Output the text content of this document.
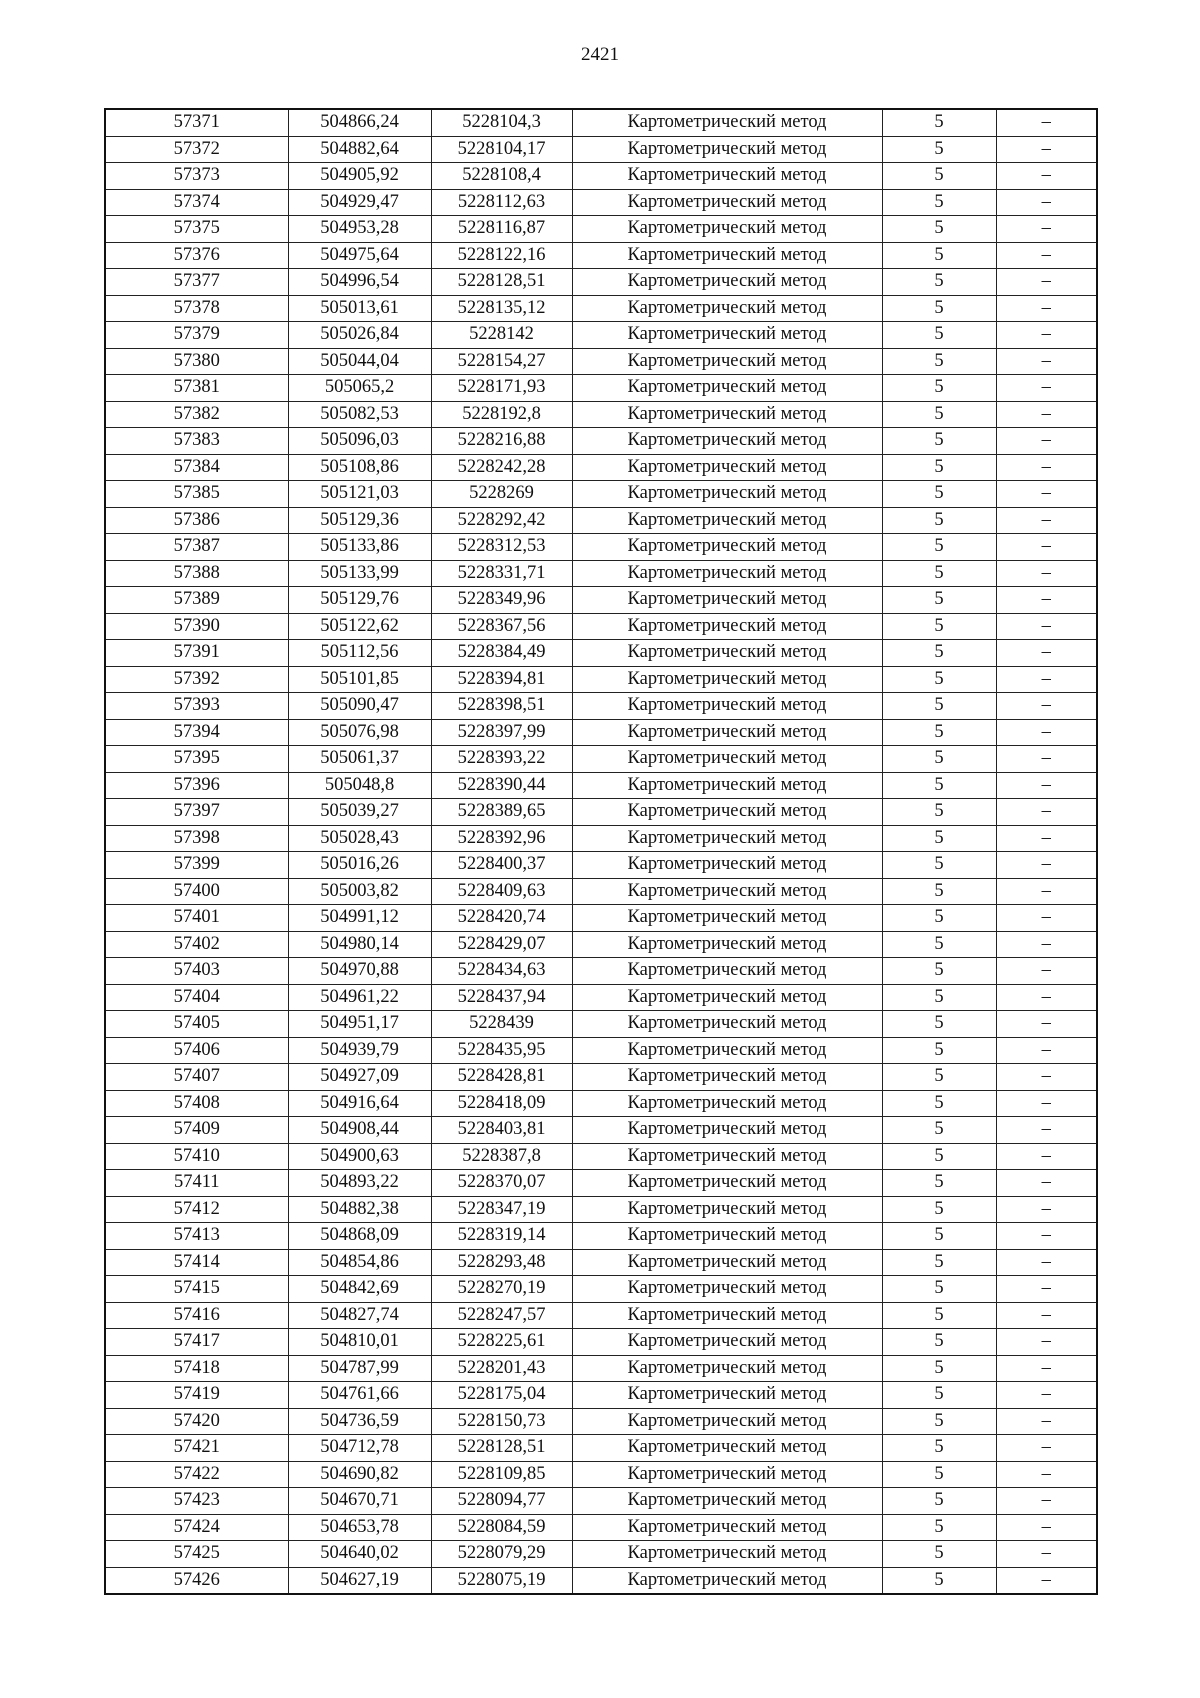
2421
57371	504866,24	5228104,3	Картометрический метод	5	–
57372	504882,64	5228104,17	Картометрический метод	5	–
57373	504905,92	5228108,4	Картометрический метод	5	–
57374	504929,47	5228112,63	Картометрический метод	5	–
57375	504953,28	5228116,87	Картометрический метод	5	–
57376	504975,64	5228122,16	Картометрический метод	5	–
57377	504996,54	5228128,51	Картометрический метод	5	–
57378	505013,61	5228135,12	Картометрический метод	5	–
57379	505026,84	5228142	Картометрический метод	5	–
57380	505044,04	5228154,27	Картометрический метод	5	–
57381	505065,2	5228171,93	Картометрический метод	5	–
57382	505082,53	5228192,8	Картометрический метод	5	–
57383	505096,03	5228216,88	Картометрический метод	5	–
57384	505108,86	5228242,28	Картометрический метод	5	–
57385	505121,03	5228269	Картометрический метод	5	–
57386	505129,36	5228292,42	Картометрический метод	5	–
57387	505133,86	5228312,53	Картометрический метод	5	–
57388	505133,99	5228331,71	Картометрический метод	5	–
57389	505129,76	5228349,96	Картометрический метод	5	–
57390	505122,62	5228367,56	Картометрический метод	5	–
57391	505112,56	5228384,49	Картометрический метод	5	–
57392	505101,85	5228394,81	Картометрический метод	5	–
57393	505090,47	5228398,51	Картометрический метод	5	–
57394	505076,98	5228397,99	Картометрический метод	5	–
57395	505061,37	5228393,22	Картометрический метод	5	–
57396	505048,8	5228390,44	Картометрический метод	5	–
57397	505039,27	5228389,65	Картометрический метод	5	–
57398	505028,43	5228392,96	Картометрический метод	5	–
57399	505016,26	5228400,37	Картометрический метод	5	–
57400	505003,82	5228409,63	Картометрический метод	5	–
57401	504991,12	5228420,74	Картометрический метод	5	–
57402	504980,14	5228429,07	Картометрический метод	5	–
57403	504970,88	5228434,63	Картометрический метод	5	–
57404	504961,22	5228437,94	Картометрический метод	5	–
57405	504951,17	5228439	Картометрический метод	5	–
57406	504939,79	5228435,95	Картометрический метод	5	–
57407	504927,09	5228428,81	Картометрический метод	5	–
57408	504916,64	5228418,09	Картометрический метод	5	–
57409	504908,44	5228403,81	Картометрический метод	5	–
57410	504900,63	5228387,8	Картометрический метод	5	–
57411	504893,22	5228370,07	Картометрический метод	5	–
57412	504882,38	5228347,19	Картометрический метод	5	–
57413	504868,09	5228319,14	Картометрический метод	5	–
57414	504854,86	5228293,48	Картометрический метод	5	–
57415	504842,69	5228270,19	Картометрический метод	5	–
57416	504827,74	5228247,57	Картометрический метод	5	–
57417	504810,01	5228225,61	Картометрический метод	5	–
57418	504787,99	5228201,43	Картометрический метод	5	–
57419	504761,66	5228175,04	Картометрический метод	5	–
57420	504736,59	5228150,73	Картометрический метод	5	–
57421	504712,78	5228128,51	Картометрический метод	5	–
57422	504690,82	5228109,85	Картометрический метод	5	–
57423	504670,71	5228094,77	Картометрический метод	5	–
57424	504653,78	5228084,59	Картометрический метод	5	–
57425	504640,02	5228079,29	Картометрический метод	5	–
57426	504627,19	5228075,19	Картометрический метод	5	–
